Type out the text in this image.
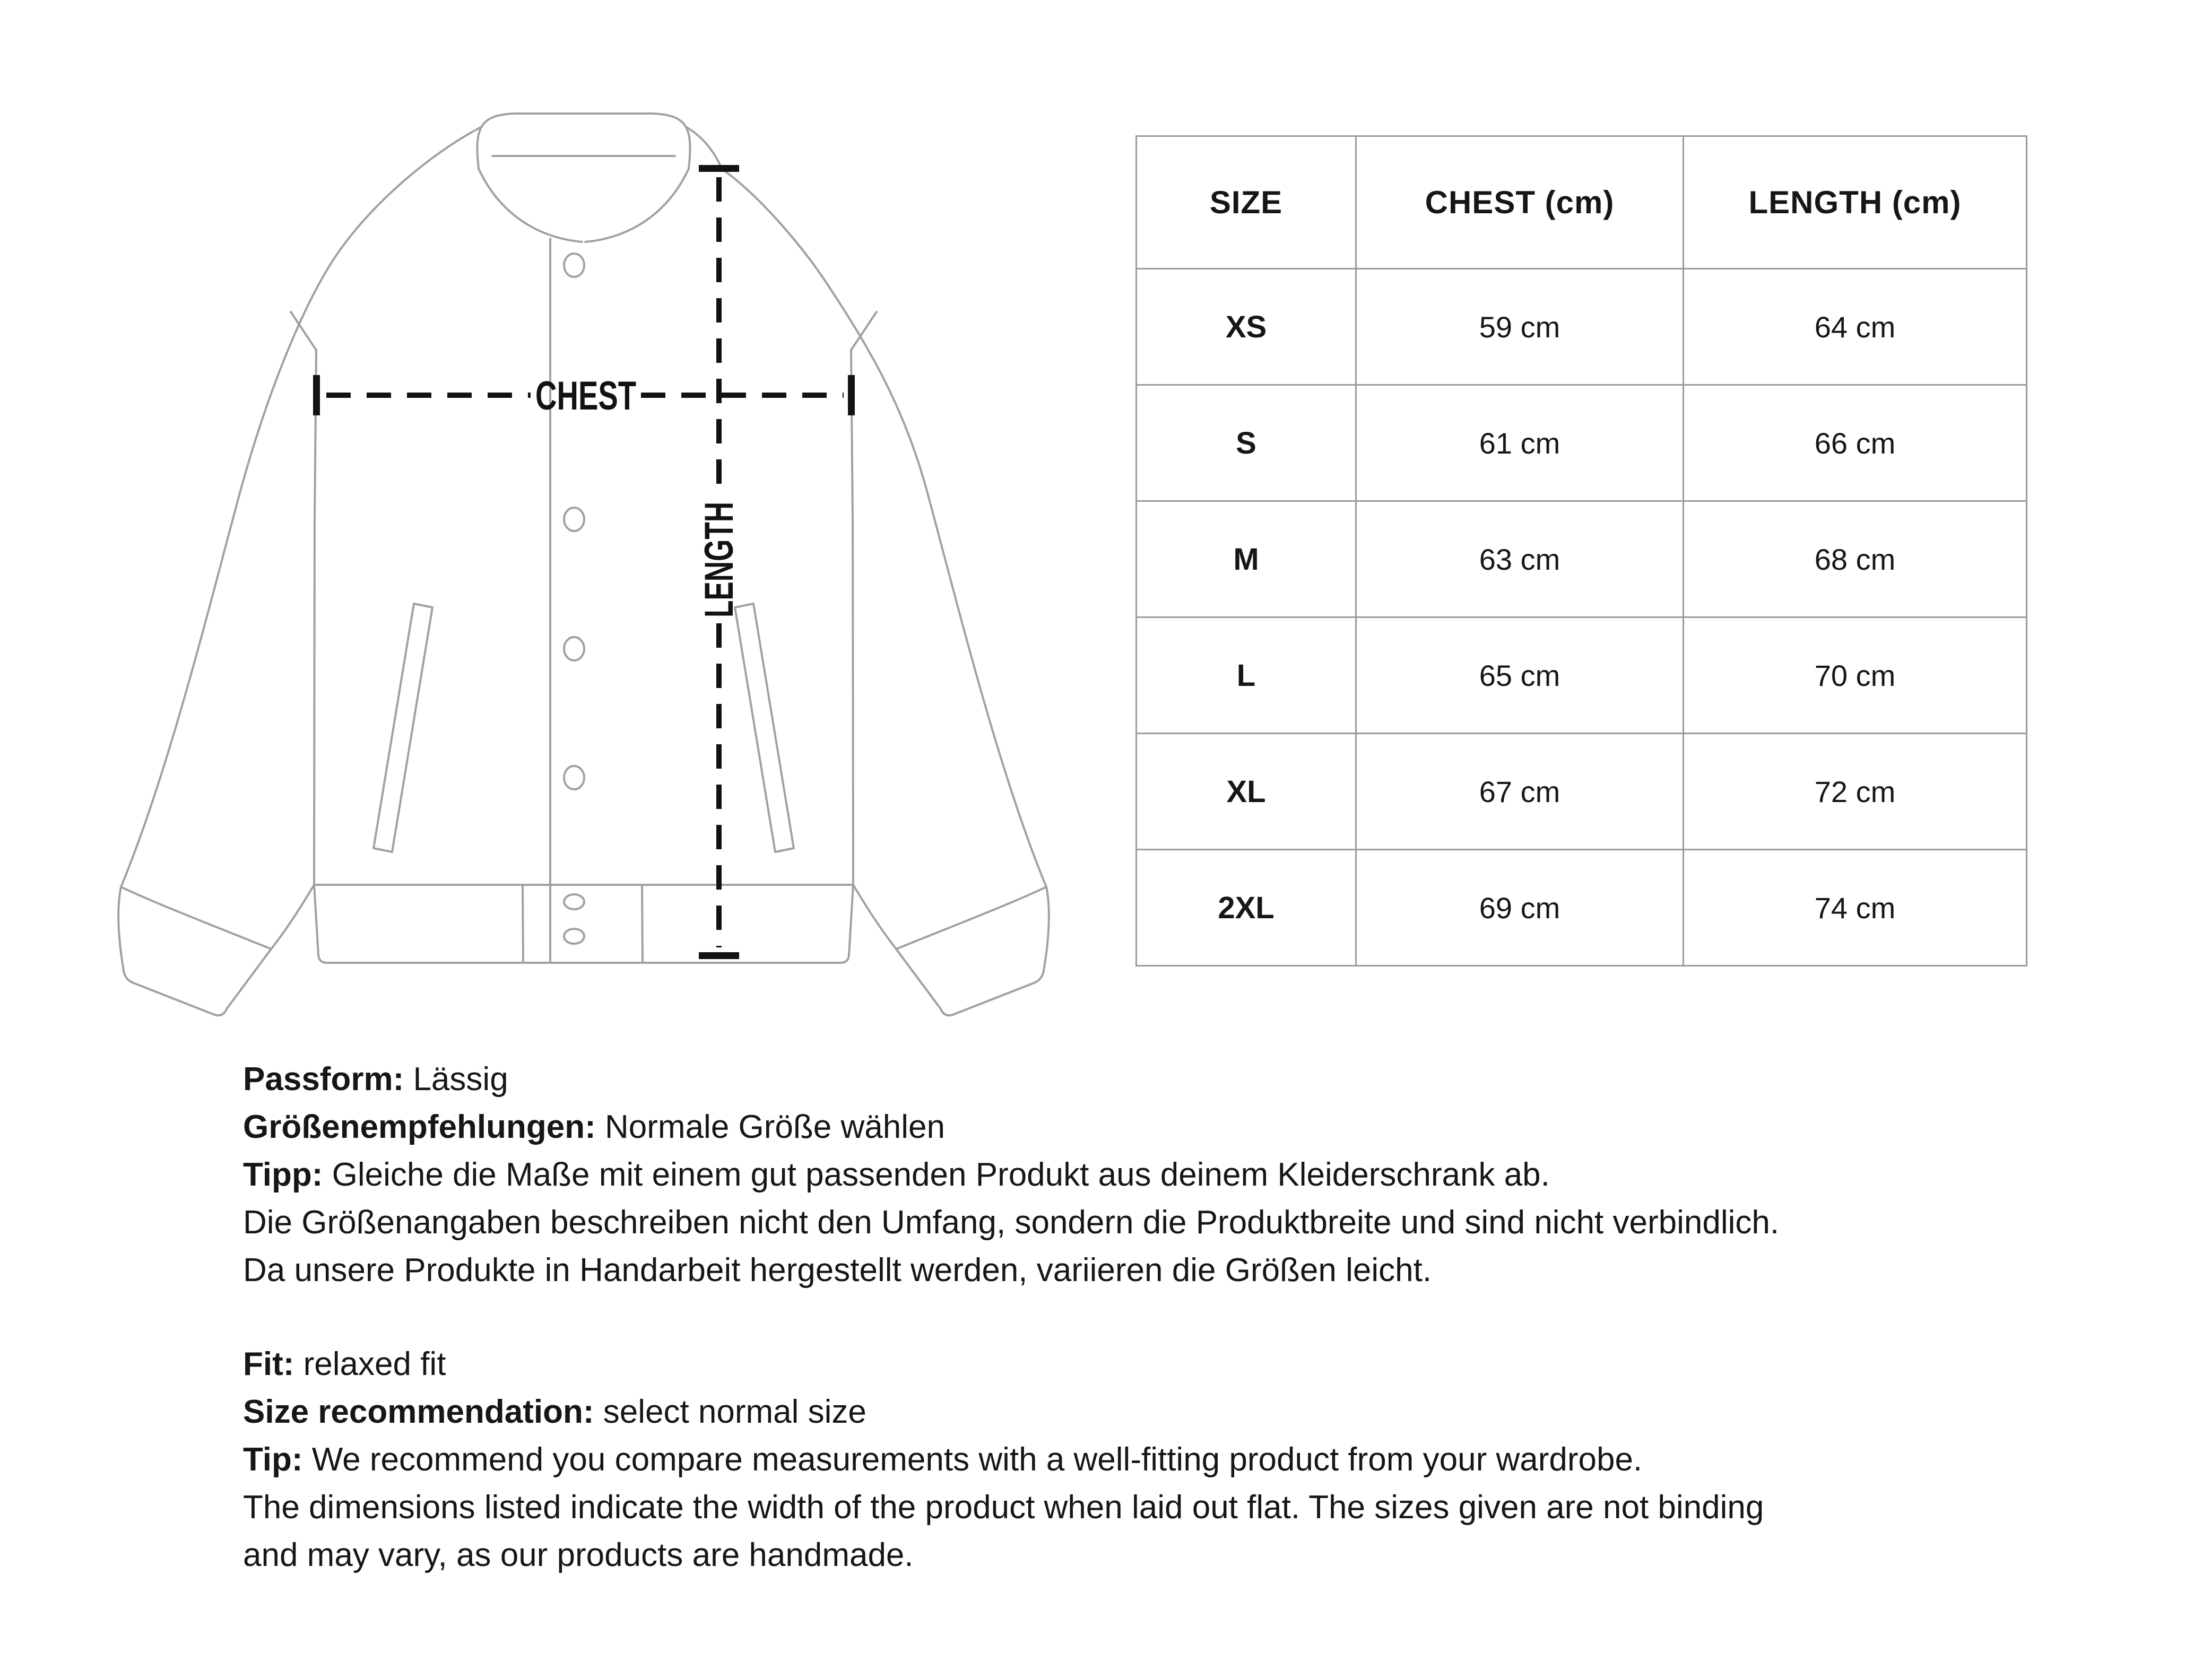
CHEST
LENGTH
SIZE	CHEST (cm)	LENGTH (cm)
XS	59 cm	64 cm
S	61 cm	66 cm
M	63 cm	68 cm
L	65 cm	70 cm
XL	67 cm	72 cm
2XL	69 cm	74 cm

Passform: Lässig

Größenempfehlungen: Normale Größe wählen

Tipp: Gleiche die Maße mit einem gut passenden Produkt aus deinem Kleiderschrank ab.

Die Größenangaben beschreiben nicht den Umfang, sondern die Produktbreite und sind nicht verbindlich.

Da unsere Produkte in Handarbeit hergestellt werden, variieren die Größen leicht.

Fit: relaxed fit

Size recommendation: select normal size

Tip: We recommend you compare measurements with a well-fitting product from your wardrobe.

The dimensions listed indicate the width of the product when laid out flat. The sizes given are not binding

and may vary, as our products are handmade.
